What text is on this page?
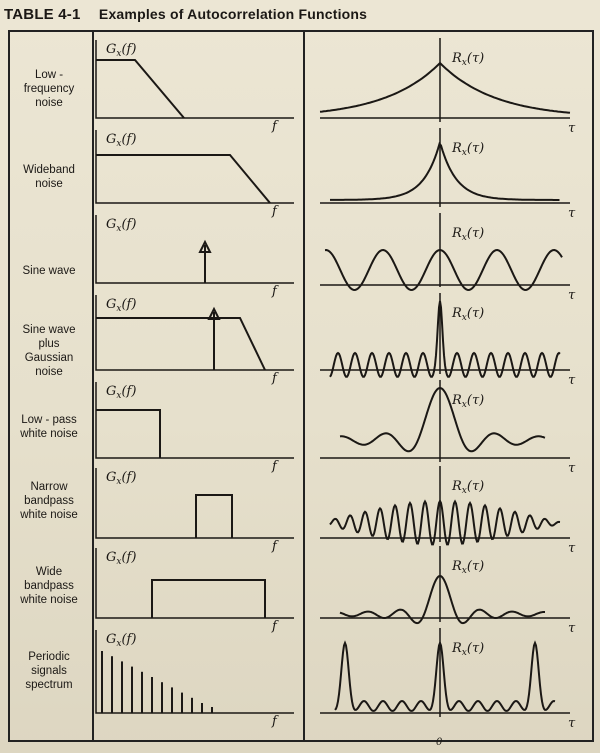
TABLE 4-1 Examples of Autocorrelation Functions
Low -
frequency
noise
Wideband
noise
Sine wave
Sine wave
plus
Gaussian
noise
Low - pass
white noise
Narrow
bandpass
white noise
Wide
bandpass
white noise
Periodic
signals
spectrum
$G_x(f)$
f
$G_x(f)$
f
$G_x(f)$
f
$G_x(f)$
f
$G_x(f)$
f
$G_x(f)$
f
$G_x(f)$
f
$G_x(f)$
f
$R_x(\tau)$
$R_x(\tau)$
$R_x(\tau)$
$R_x(\tau)$
$R_x(\tau)$
$R_x(\tau)$
$R_x(\tau)$
$R_x(\tau)$
τ
τ
τ
τ
τ
τ
τ
τ
0
